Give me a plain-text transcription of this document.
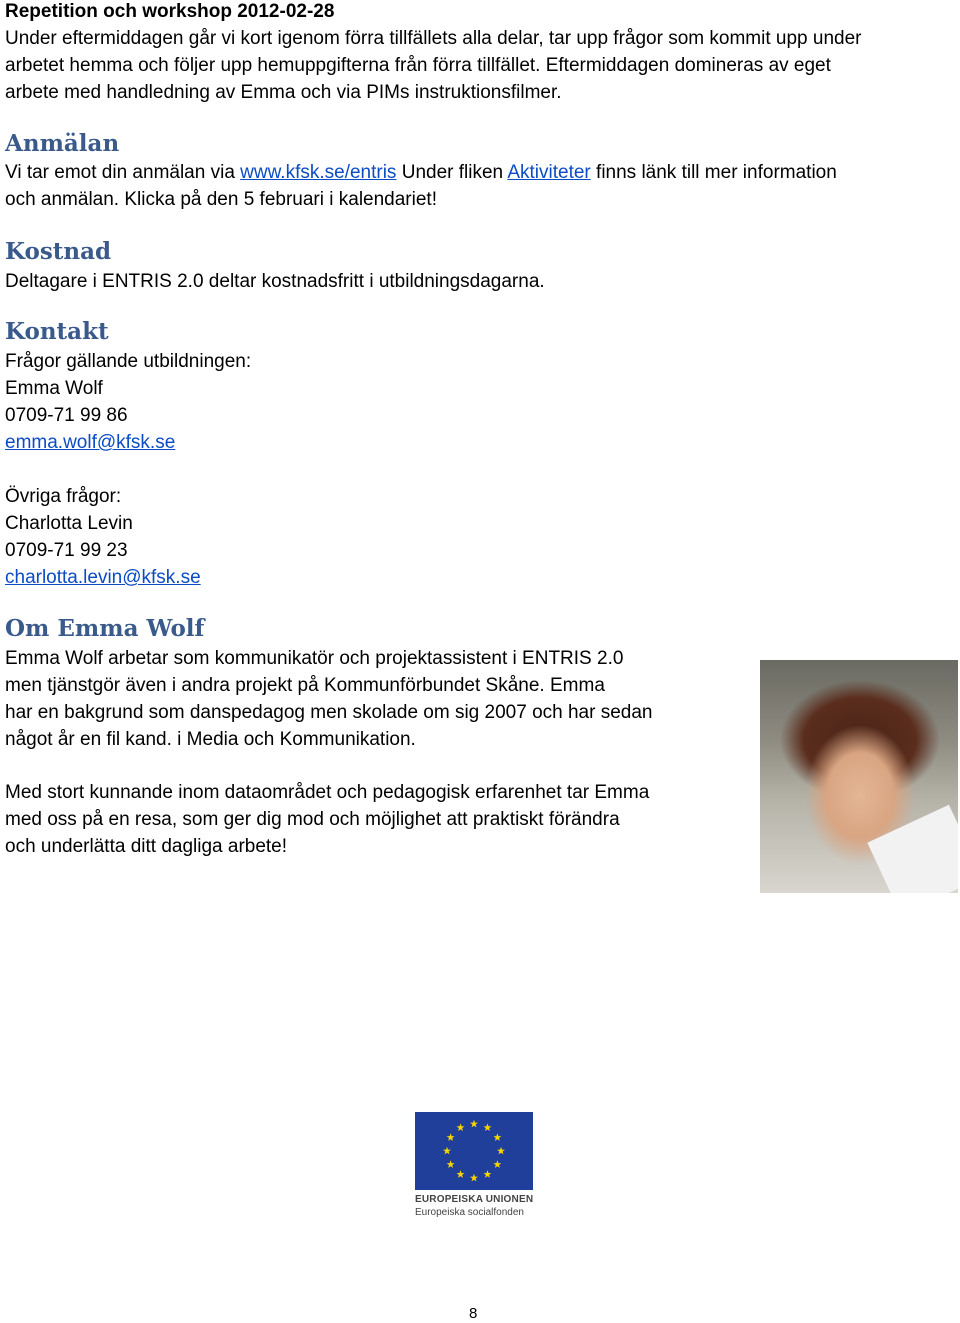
Repetition och workshop 2012-02-28
Under eftermiddagen går vi kort igenom förra tillfällets alla delar, tar upp frågor som kommit upp under
arbetet hemma och följer upp hemuppgifterna från förra tillfället. Eftermiddagen domineras av eget
arbete med handledning av Emma och via PIMs instruktionsfilmer.
Anmälan
Vi tar emot din anmälan via www.kfsk.se/entris Under fliken Aktiviteter finns länk till mer information
och anmälan. Klicka på den 5 februari i kalendariet!
Kostnad
Deltagare i ENTRIS 2.0 deltar kostnadsfritt i utbildningsdagarna.
Kontakt
Frågor gällande utbildningen:
Emma Wolf
0709-71 99 86
emma.wolf@kfsk.se
Övriga frågor:
Charlotta Levin
0709-71 99 23
charlotta.levin@kfsk.se
Om Emma Wolf
Emma Wolf arbetar som kommunikatör och projektassistent i ENTRIS 2.0
men tjänstgör även i andra projekt på Kommunförbundet Skåne. Emma
har en bakgrund som danspedagog men skolade om sig 2007 och har sedan
något år en fil kand. i Media och Kommunikation.
Med stort kunnande inom dataområdet och pedagogisk erfarenhet tar Emma
med oss på en resa, som ger dig mod och möjlighet att praktiskt förändra
och underlätta ditt dagliga arbete!
EUROPEISKA UNIONEN
Europeiska socialfonden
8
